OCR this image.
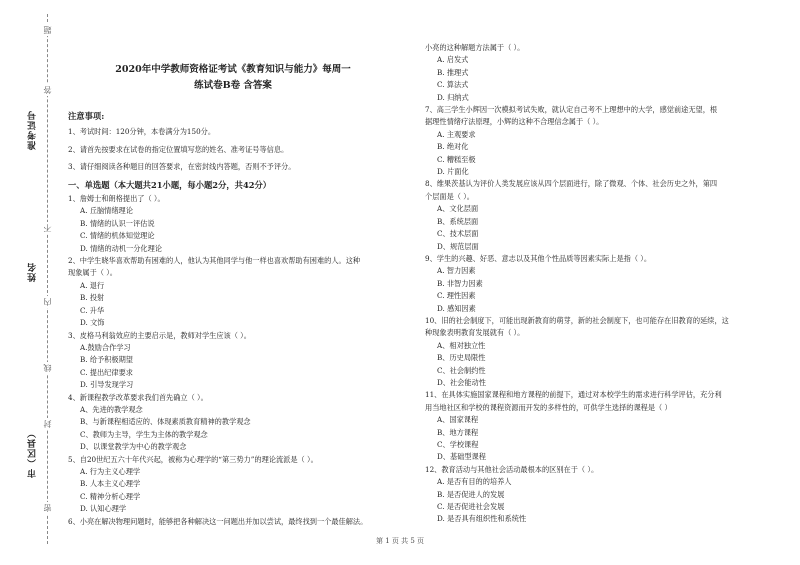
准考证号
姓名
市（区县）
题
答
不
内
线
封
密
2020年中学教师资格证考试《教育知识与能力》每周一
练试卷B卷 含答案
注意事项:

1、考试时间：120分钟，本卷满分为150分。

2、请首先按要求在试卷的指定位置填写您的姓名、准考证号等信息。

3、请仔细阅读各种题目的回答要求，在密封线内答题，否则不予评分。

一、单选题（本大题共21小题，每小题2分，共42分）
1、詹姆士和朗格提出了（ ）。
A. 丘脑情绪理论
B. 情绪的认识一评估说
C. 情绪的机体知觉理论
D. 情绪的动机一分化理论
2、中学生晓华喜欢帮助有困难的人，他认为其他同学与他一样也喜欢帮助有困难的人。这种
现象属于（ ）。
A. 退行
B. 投射
C. 升华
D. 文饰
3、皮格马利翁效应的主要启示是，教师对学生应该（ ）。
A.鼓励合作学习
B. 给予积极期望
C. 提出纪律要求
D. 引导发现学习
4、新课程教学改革要求我们首先确立（ ）。
A、先进的教学观念
B、与新课程相适应的、体现素质教育精神的教学观念
C、教师为主导，学生为主体的教学观念
D、以课堂教学为中心的教学观念
5、自20世纪五六十年代兴起，被称为心理学的“第三势力”的理论流派是（ ）。
A. 行为主义心理学
B. 人本主义心理学
C. 精神分析心理学
D. 认知心理学
6、小亮在解决物理问题时，能够把各种解决这一问题出并加以尝试，最终找到一个最佳解法。
小亮的这种解题方法属于（ ）。
A. 启发式
B. 推理式
C. 算法式
D. 归纳式
7、高三学生小辉因一次模拟考试失败，就认定自己考不上理想中的大学，感觉前途无望，根
据理性情绪疗法原理，小辉的这种不合理信念属于（ ）。
A. 主观要求
B. 绝对化
C. 糟糕至极
D. 片面化
8、维果茨基认为评价人类发展应该从四个层面进行，除了微观、个体、社会历史之外，第四
个层面是（ ）。
A、文化层面
B、系统层面
C、技术层面
D、规范层面
9、学生的兴趣、好恶、意志以及其他个性品质等因素实际上是指（ ）。
A. 智力因素
B. 非智力因素
C. 理性因素
D. 感知因素
10、旧的社会制度下，可能出现新教育的萌芽，新的社会制度下，也可能存在旧教育的延续，这
种现象表明教育发展就有（ ）。
A、相对独立性
B、历史局限性
C、社会制约性
D、社会能动性
11、在具体实施国家课程和地方课程的前提下，通过对本校学生的需求进行科学评估，充分利
用当地社区和学校的课程资源而开发的多样性的，可供学生选择的课程是（ ）
A、国家课程
B、地方课程
C、学校课程
D、基础型课程
12、教育活动与其他社会活动最根本的区别在于（ ）。
A. 是否有目的的培养人
B. 是否促进人的发展
C. 是否促进社会发展
D. 是否具有组织性和系统性
第 1 页 共 5 页
